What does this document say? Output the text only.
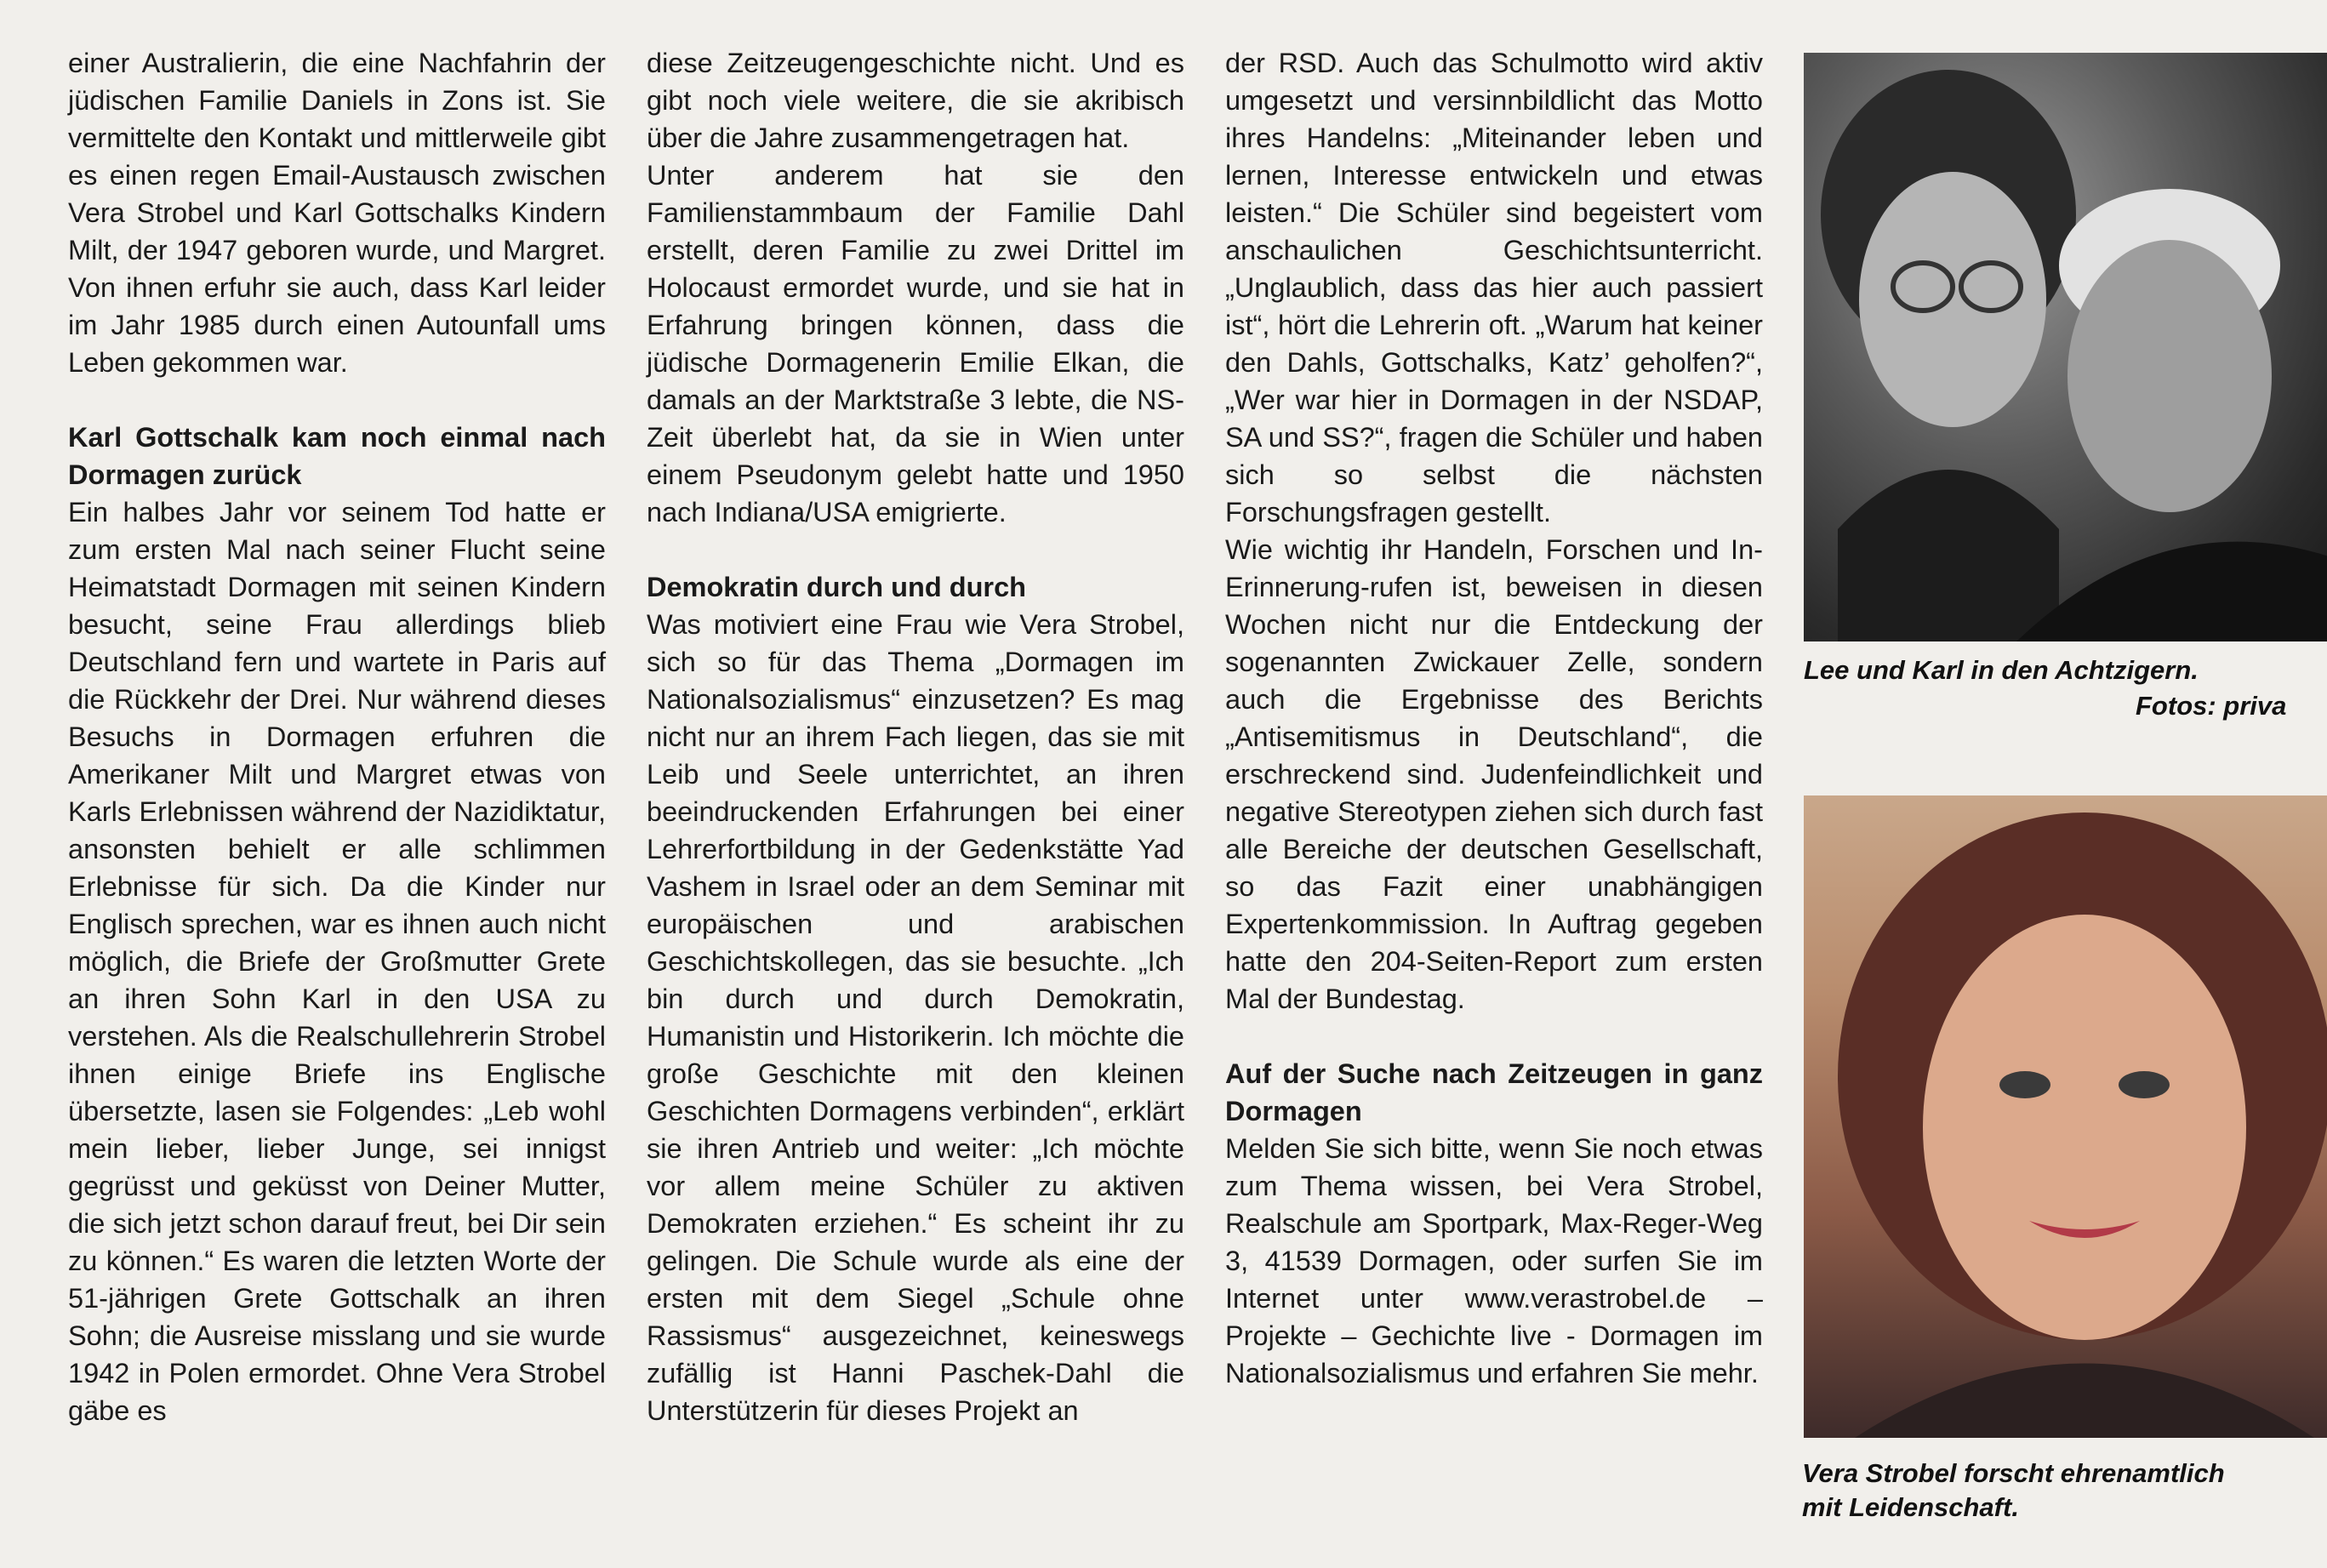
einer Australierin, die eine Nachfahrin der jüdischen Familie Daniels in Zons ist. Sie vermittelte den Kontakt und mittlerweile gibt es einen regen Email-Austausch zwischen Vera Strobel und Karl Gottschalks Kindern Milt, der 1947 geboren wurde, und Margret. Von ihnen erfuhr sie auch, dass Karl leider im Jahr 1985 durch einen Autounfall ums Leben gekommen war.

Karl Gottschalk kam noch einmal nach Dormagen zurück

Ein halbes Jahr vor seinem Tod hatte er zum ersten Mal nach seiner Flucht seine Heimatstadt Dormagen mit seinen Kindern besucht, seine Frau allerdings blieb Deutschland fern und wartete in Paris auf die Rückkehr der Drei. Nur während dieses Besuchs in Dormagen erfuhren die Amerikaner Milt und Margret etwas von Karls Erlebnissen während der Nazidiktatur, ansonsten behielt er alle schlimmen Erlebnisse für sich. Da die Kinder nur Englisch sprechen, war es ihnen auch nicht möglich, die Briefe der Großmutter Grete an ihren Sohn Karl in den USA zu verstehen. Als die Realschullehrerin Strobel ihnen einige Briefe ins Englische übersetzte, lasen sie Folgendes: „Leb wohl mein lieber, lieber Junge, sei innigst gegrüsst und geküsst von Deiner Mutter, die sich jetzt schon darauf freut, bei Dir sein zu können.“ Es waren die letzten Worte der 51-jährigen Grete Gottschalk an ihren Sohn; die Ausreise misslang und sie wurde 1942 in Polen ermordet. Ohne Vera Strobel gäbe es

diese Zeitzeugengeschichte nicht. Und es gibt noch viele weitere, die sie akribisch über die Jahre zusammengetragen hat.

Unter anderem hat sie den Familienstammbaum der Familie Dahl erstellt, deren Familie zu zwei Drittel im Holocaust ermordet wurde, und sie hat in Erfahrung bringen können, dass die jüdische Dormagenerin Emilie Elkan, die damals an der Marktstraße 3 lebte, die NS-Zeit überlebt hat, da sie in Wien unter einem Pseudonym gelebt hatte und 1950 nach Indiana/USA emigrierte.

Demokratin durch und durch

Was motiviert eine Frau wie Vera Strobel, sich so für das Thema „Dormagen im Nationalsozialismus“ einzusetzen? Es mag nicht nur an ihrem Fach liegen, das sie mit Leib und Seele unterrichtet, an ihren beeindruckenden Erfahrungen bei einer Lehrerfortbildung in der Gedenkstätte Yad Vashem in Israel oder an dem Seminar mit europäischen und arabischen Geschichtskollegen, das sie besuchte. „Ich bin durch und durch Demokratin, Humanistin und Historikerin. Ich möchte die große Geschichte mit den kleinen Geschichten Dormagens verbinden“, erklärt sie ihren Antrieb und weiter: „Ich möchte vor allem meine Schüler zu aktiven Demokraten erziehen.“ Es scheint ihr zu gelingen. Die Schule wurde als eine der ersten mit dem Siegel „Schule ohne Rassismus“ ausgezeichnet, keineswegs zufällig ist Hanni Paschek-Dahl die Unterstützerin für dieses Projekt an

der RSD. Auch das Schulmotto wird aktiv umgesetzt und versinnbildlicht das Motto ihres Handelns: „Miteinander leben und lernen, Interesse entwickeln und etwas leisten.“ Die Schüler sind begeistert vom anschaulichen Geschichtsunterricht. „Unglaublich, dass das hier auch passiert ist“, hört die Lehrerin oft. „Warum hat keiner den Dahls, Gottschalks, Katz’ geholfen?“, „Wer war hier in Dormagen in der NSDAP, SA und SS?“, fragen die Schüler und haben sich so selbst die nächsten Forschungsfragen gestellt.

Wie wichtig ihr Handeln, Forschen und In-Erinnerung-rufen ist, beweisen in diesen Wochen nicht nur die Entdeckung der sogenannten Zwickauer Zelle, sondern auch die Ergebnisse des Berichts „Antisemitismus in Deutschland“, die erschreckend sind. Judenfeindlichkeit und negative Stereotypen ziehen sich durch fast alle Bereiche der deutschen Gesellschaft, so das Fazit einer unabhängigen Expertenkommission. In Auftrag gegeben hatte den 204-Seiten-Report zum ersten Mal der Bundestag.

Auf der Suche nach Zeitzeugen in ganz Dormagen

Melden Sie sich bitte, wenn Sie noch etwas zum Thema wissen, bei Vera Strobel, Realschule am Sportpark, Max-Reger-Weg 3, 41539 Dormagen, oder surfen Sie im Internet unter www.verastrobel.de – Projekte – Gechichte live - Dormagen im Nationalsozialismus und erfahren Sie mehr.

Lee und Karl in den Achtzigern.
Fotos: priva
Vera Strobel forscht ehrenamtlich
mit Leidenschaft.
